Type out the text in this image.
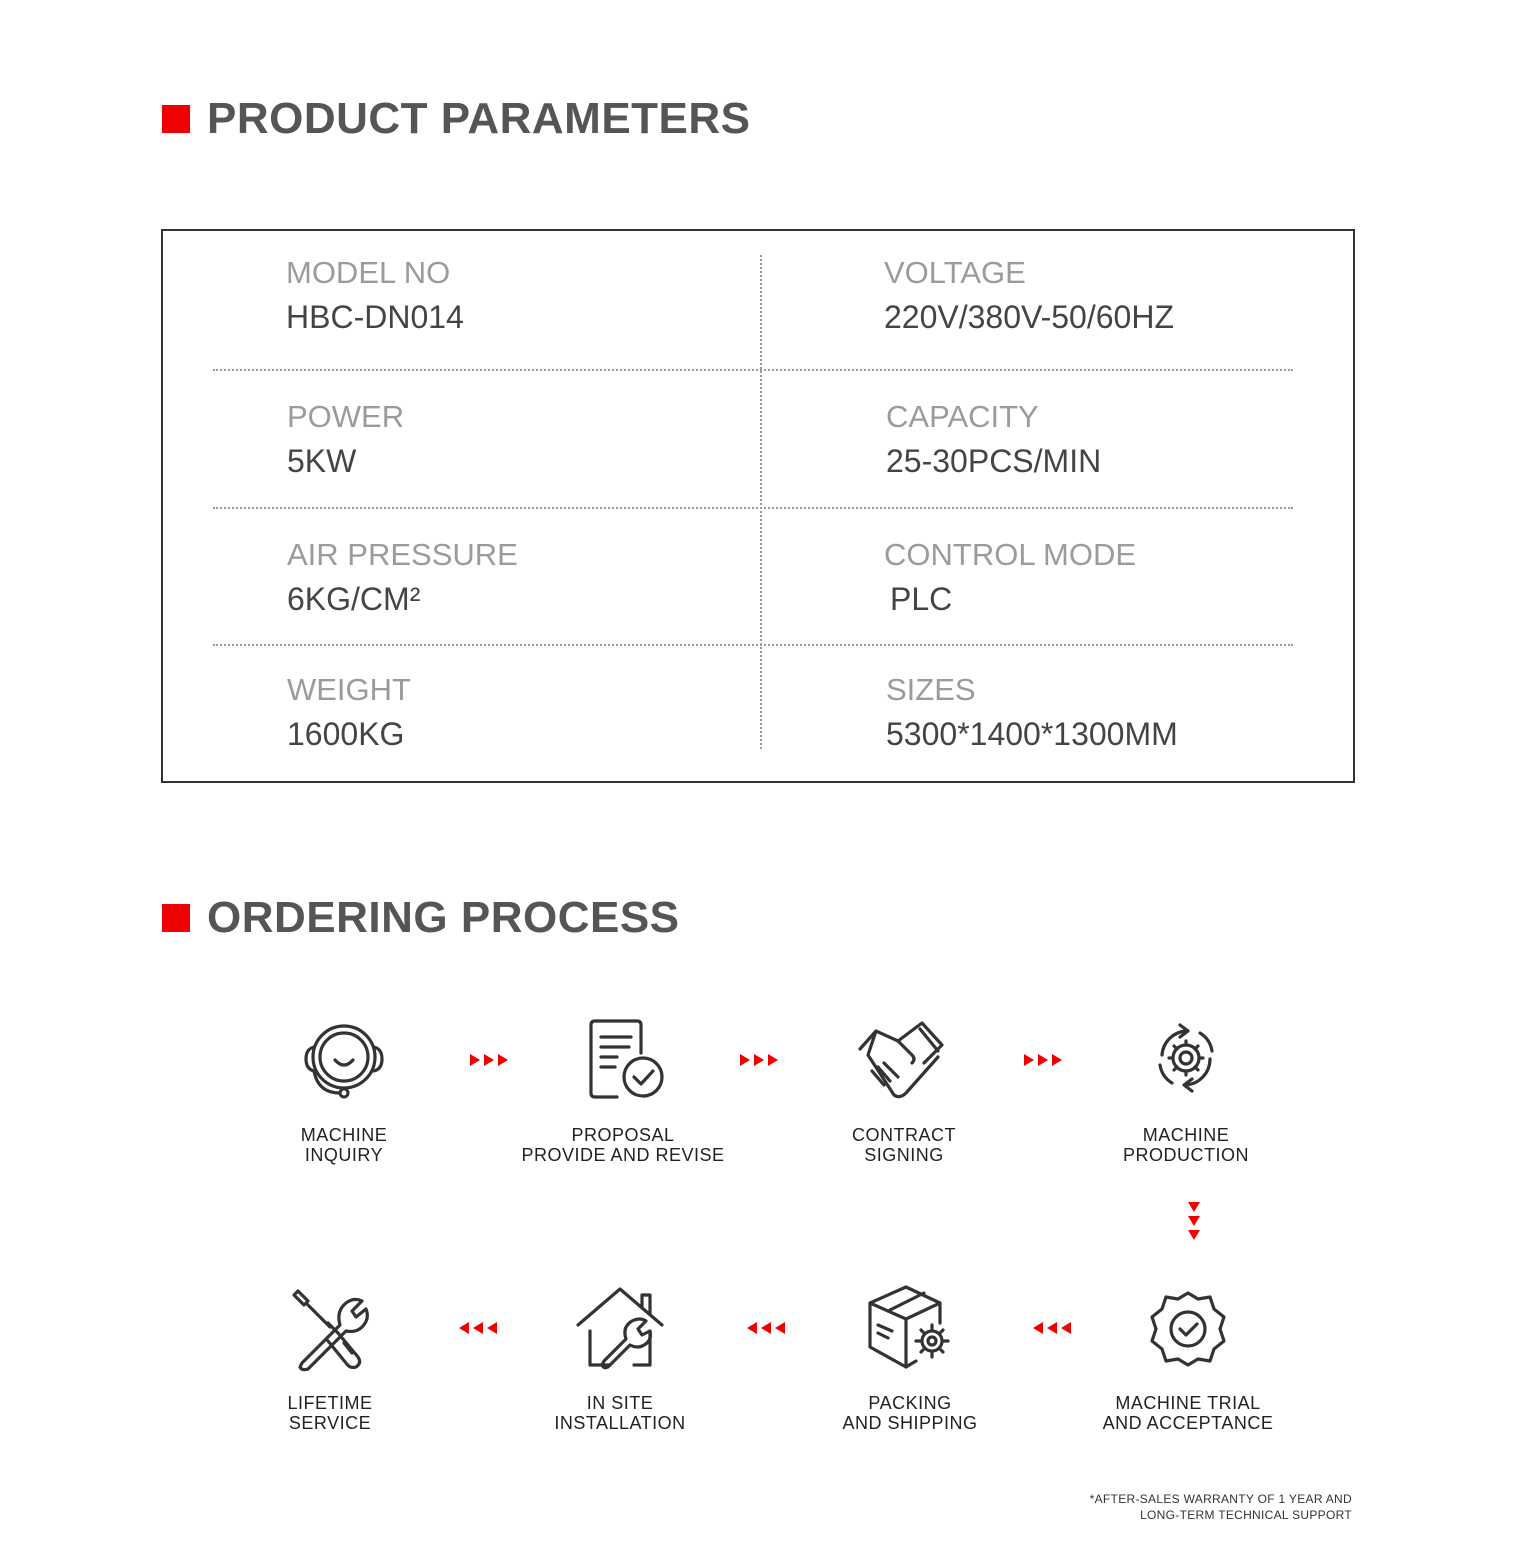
PRODUCT PARAMETERS
MODEL NO
HBC-DN014
VOLTAGE
220V/380V-50/60HZ
POWER
5KW
CAPACITY
25-30PCS/MIN
AIR PRESSURE
6KG/CM²
CONTROL MODE
PLC
WEIGHT
1600KG
SIZES
5300*1400*1300MM
ORDERING PROCESS
MACHINE
INQUIRY
PROPOSAL
PROVIDE AND REVISE
CONTRACT
SIGNING
MACHINE
PRODUCTION
MACHINE TRIAL
AND ACCEPTANCE
PACKING
AND SHIPPING
IN SITE
INSTALLATION
LIFETIME
SERVICE
*AFTER-SALES WARRANTY OF 1 YEAR AND
LONG-TERM TECHNICAL SUPPORT
